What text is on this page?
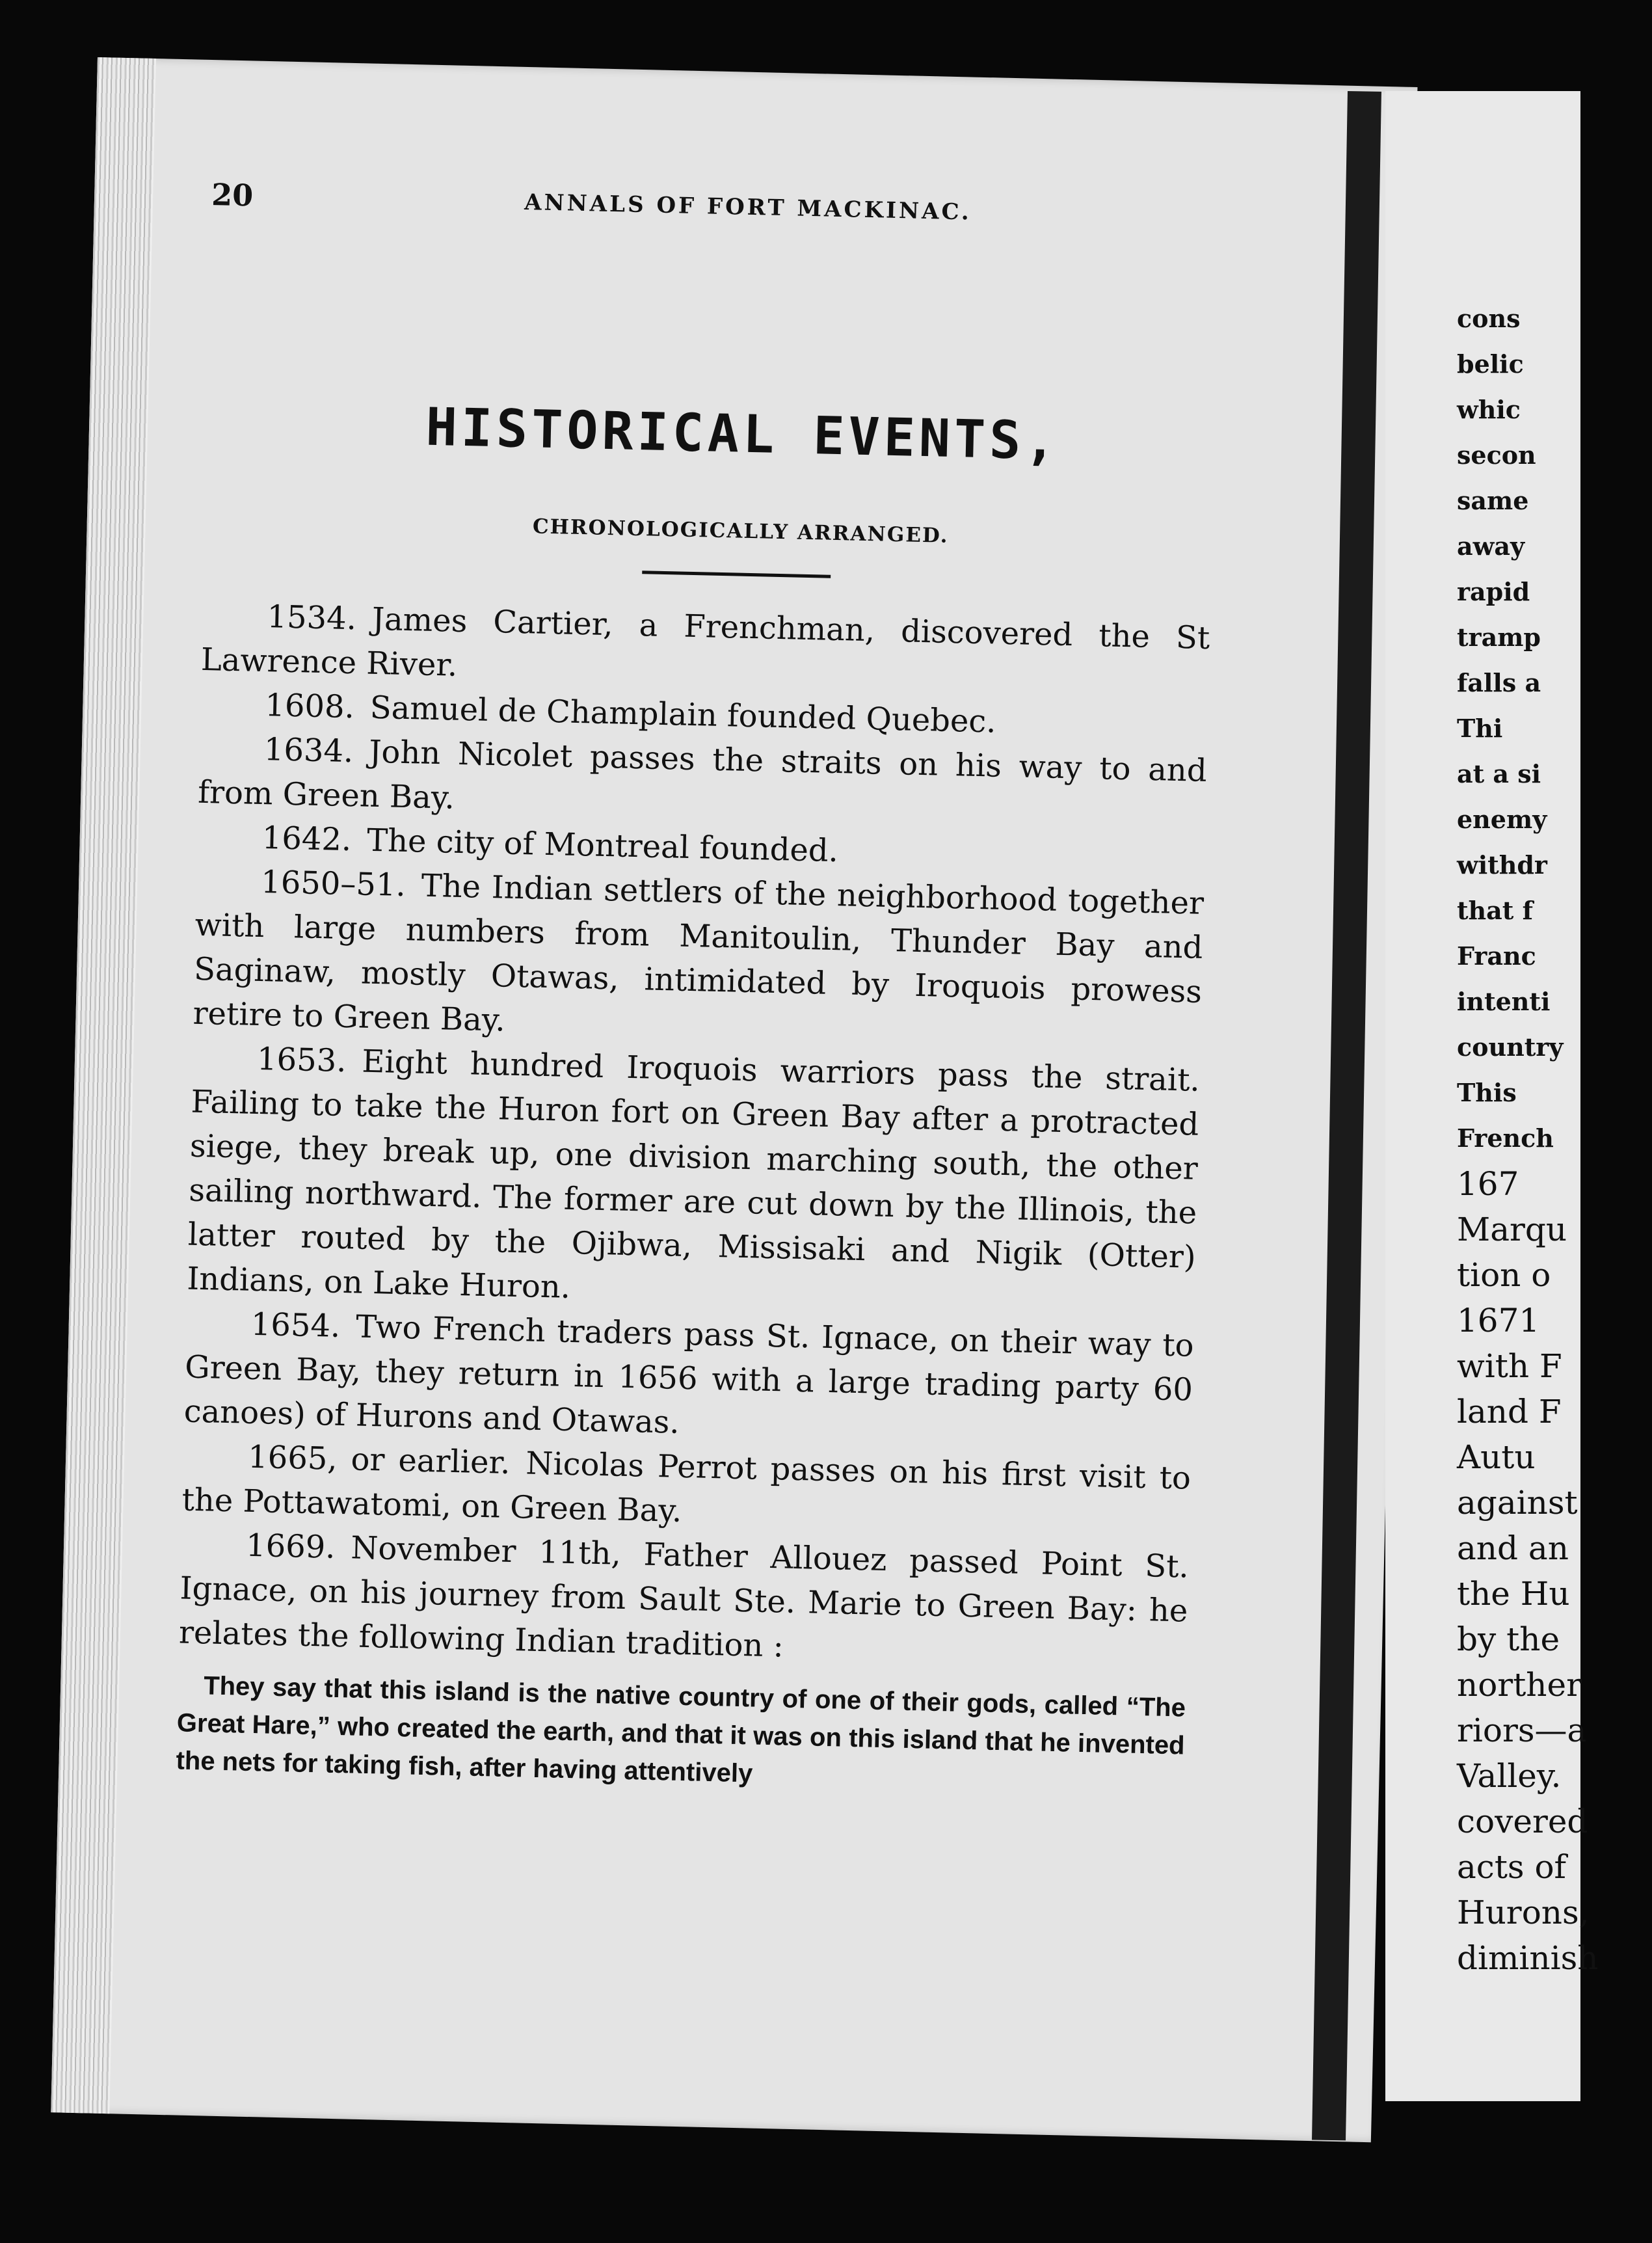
20	ANNALS OF FORT MACKINAC.
HISTORICAL EVENTS,
CHRONOLOGICALLY ARRANGED.

1534. James Cartier, a Frenchman, discovered the St Lawrence River.

1608. Samuel de Champlain founded Quebec.

1634. John Nicolet passes the straits on his way to and from Green Bay.

1642. The city of Montreal founded.

1650–51. The Indian settlers of the neighborhood together with large numbers from Manitoulin, Thunder Bay and Saginaw, mostly Otawas, intimidated by Iroquois prowess retire to Green Bay.

1653. Eight hundred Iroquois warriors pass the strait. Failing to take the Huron fort on Green Bay after a protracted siege, they break up, one division marching south, the other sailing northward. The former are cut down by the Illinois, the latter routed by the Ojibwa, Missisaki and Nigik (Otter) Indians, on Lake Huron.

1654. Two French traders pass St. Ignace, on their way to Green Bay, they return in 1656 with a large trading party 60 canoes) of Hurons and Otawas.

1665, or earlier. Nicolas Perrot passes on his first visit to the Pottawatomi, on Green Bay.

1669. November 11th, Father Allouez passed Point St. Ignace, on his journey from Sault Ste. Marie to Green Bay: he relates the following Indian tradition :

They say that this island is the native country of one of their gods, called “The Great Hare,” who created the earth, and that it was on this island that he invented the nets for taking fish, after having attentively

cons
belic
whic
secon
same
away
rapid
tramp
falls a
Thi
at a si
enemy
withdr
that f
Franc
intenti
country
This
French
167
Marqu
tion o
1671
with F
land F
Autu
against
and an
the Hu
by the
norther
riors—a
Valley.
covered
acts of
Hurons,
diminish
